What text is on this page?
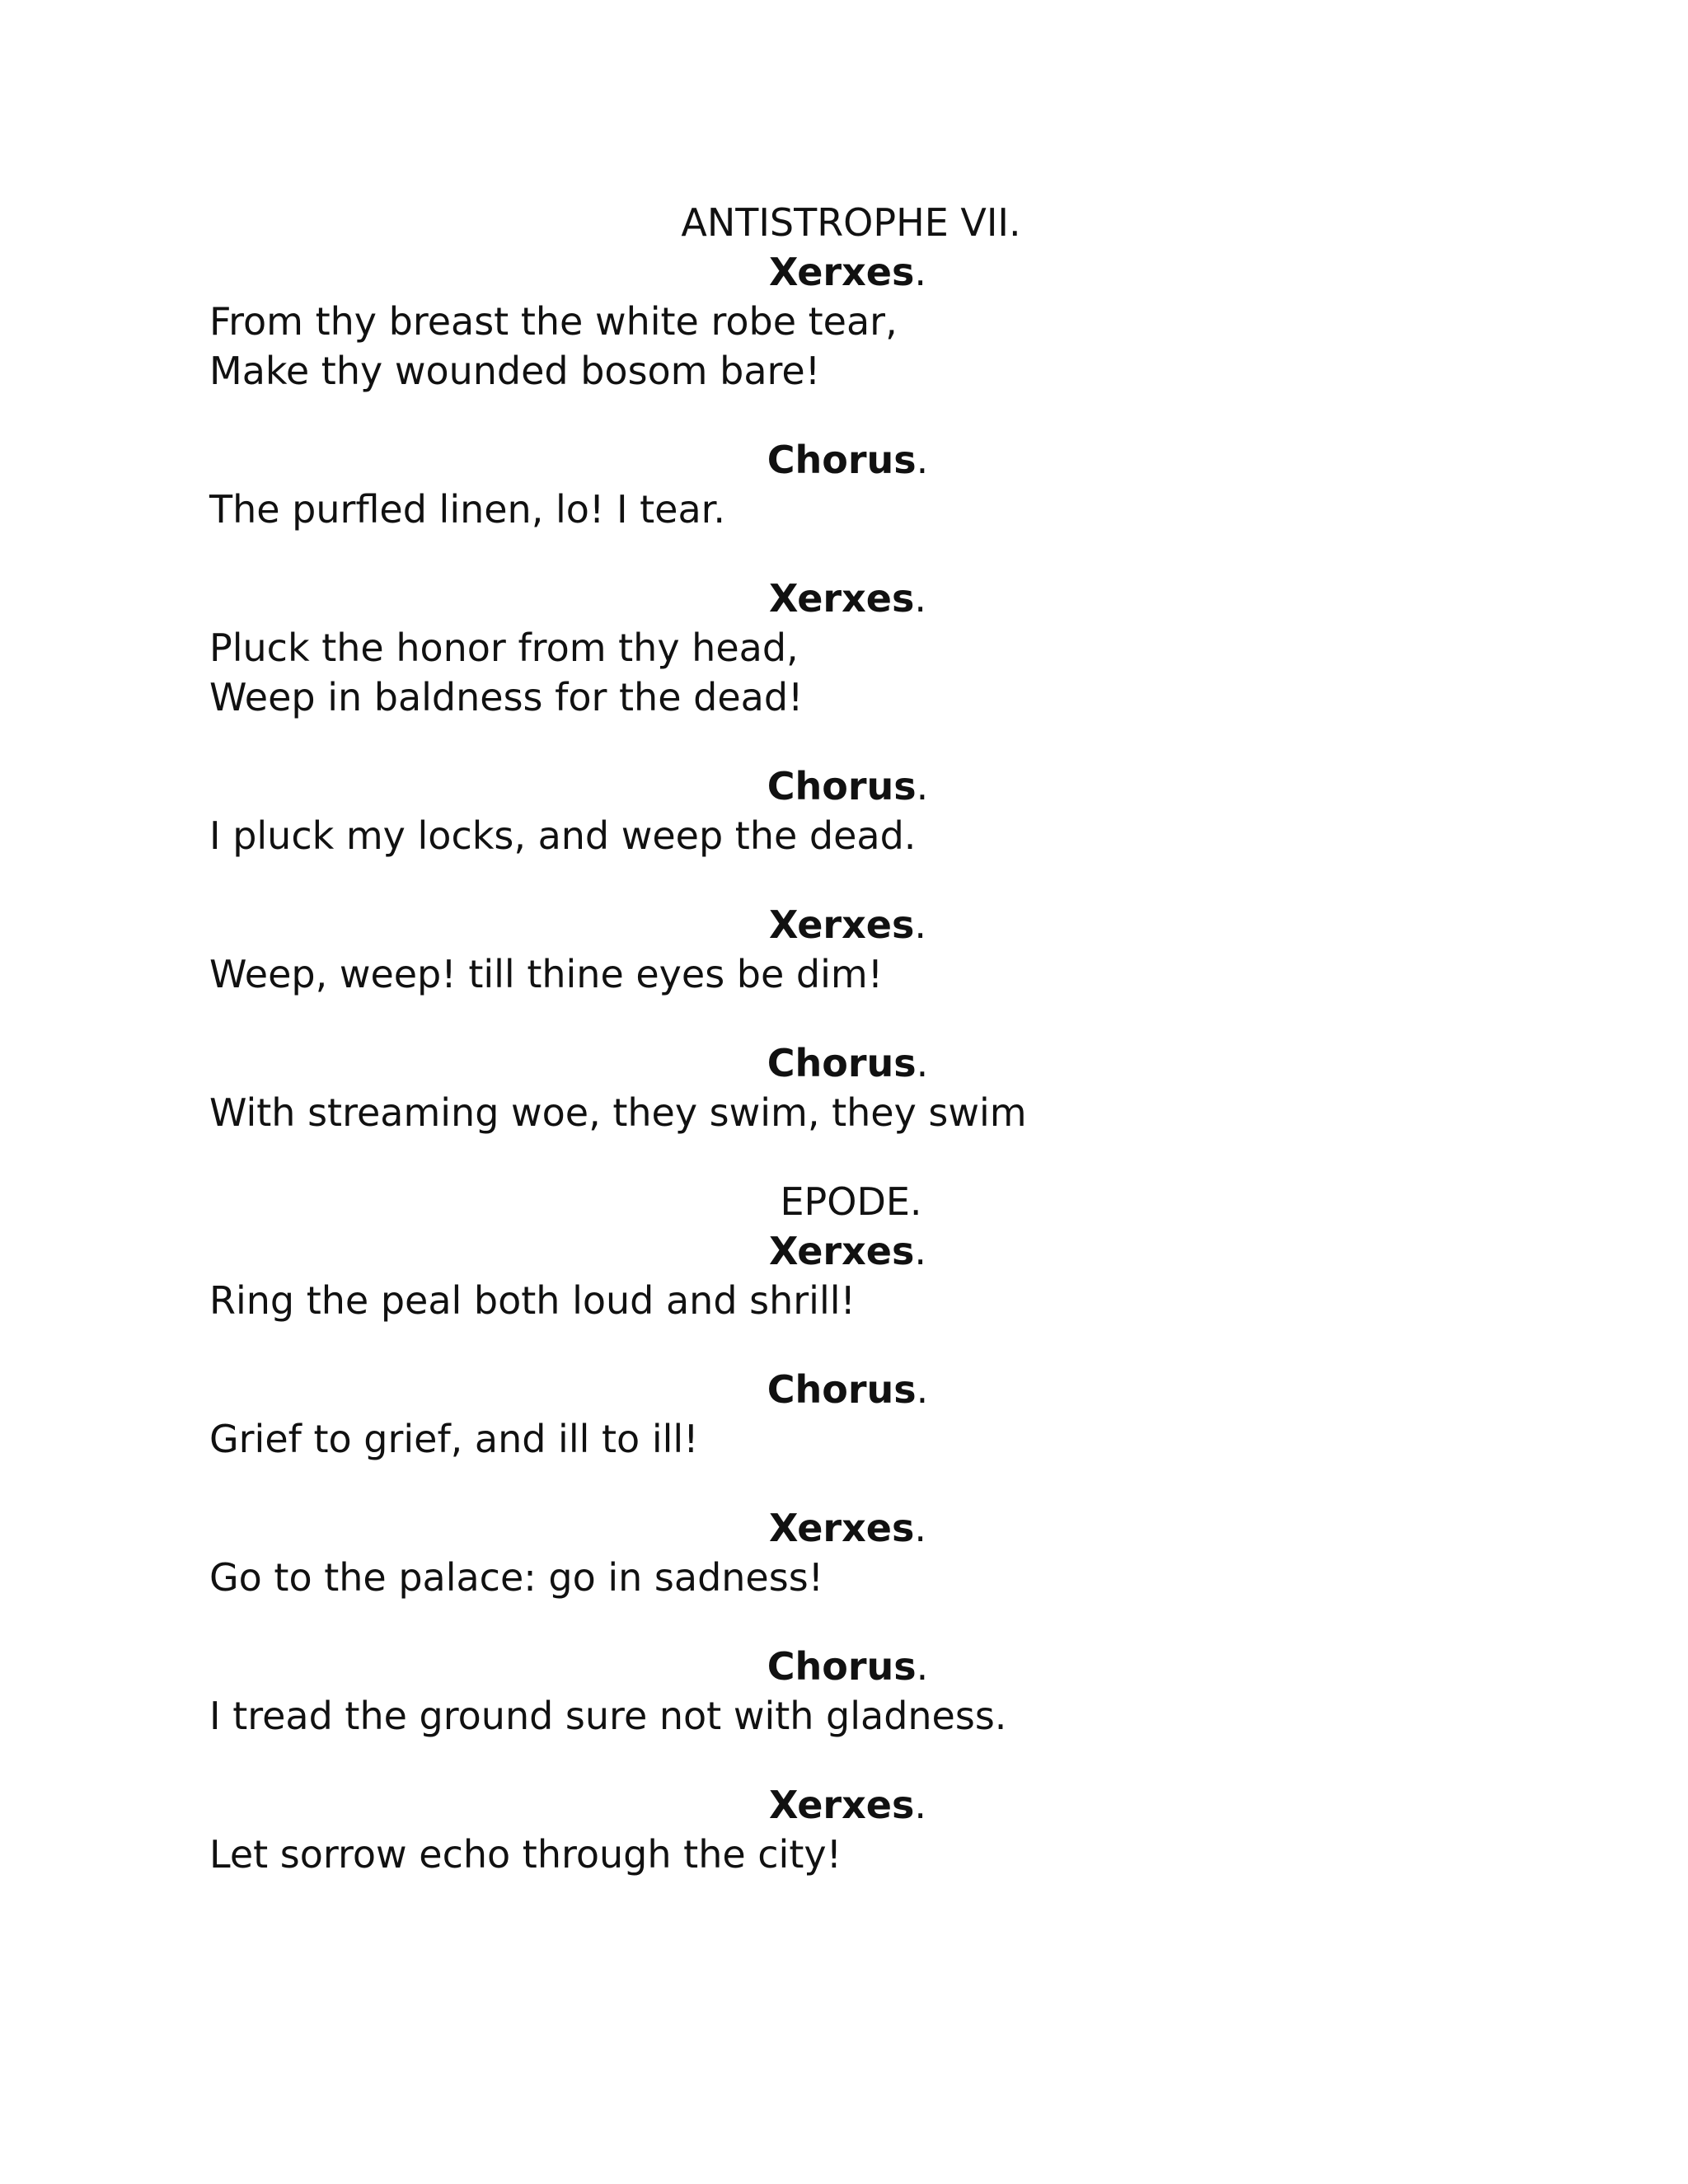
ANTISTROPHE VII.
Xerxes.
From thy breast the white robe tear,
Make thy wounded bosom bare!
Chorus.
The purfled linen, lo! I tear.
Xerxes.
Pluck the honor from thy head,
Weep in baldness for the dead!
Chorus.
I pluck my locks, and weep the dead.
Xerxes.
Weep, weep! till thine eyes be dim!
Chorus.
With streaming woe, they swim, they swim
EPODE.
Xerxes.
Ring the peal both loud and shrill!
Chorus.
Grief to grief, and ill to ill!
Xerxes.
Go to the palace: go in sadness!
Chorus.
I tread the ground sure not with gladness.
Xerxes.
Let sorrow echo through the city!
